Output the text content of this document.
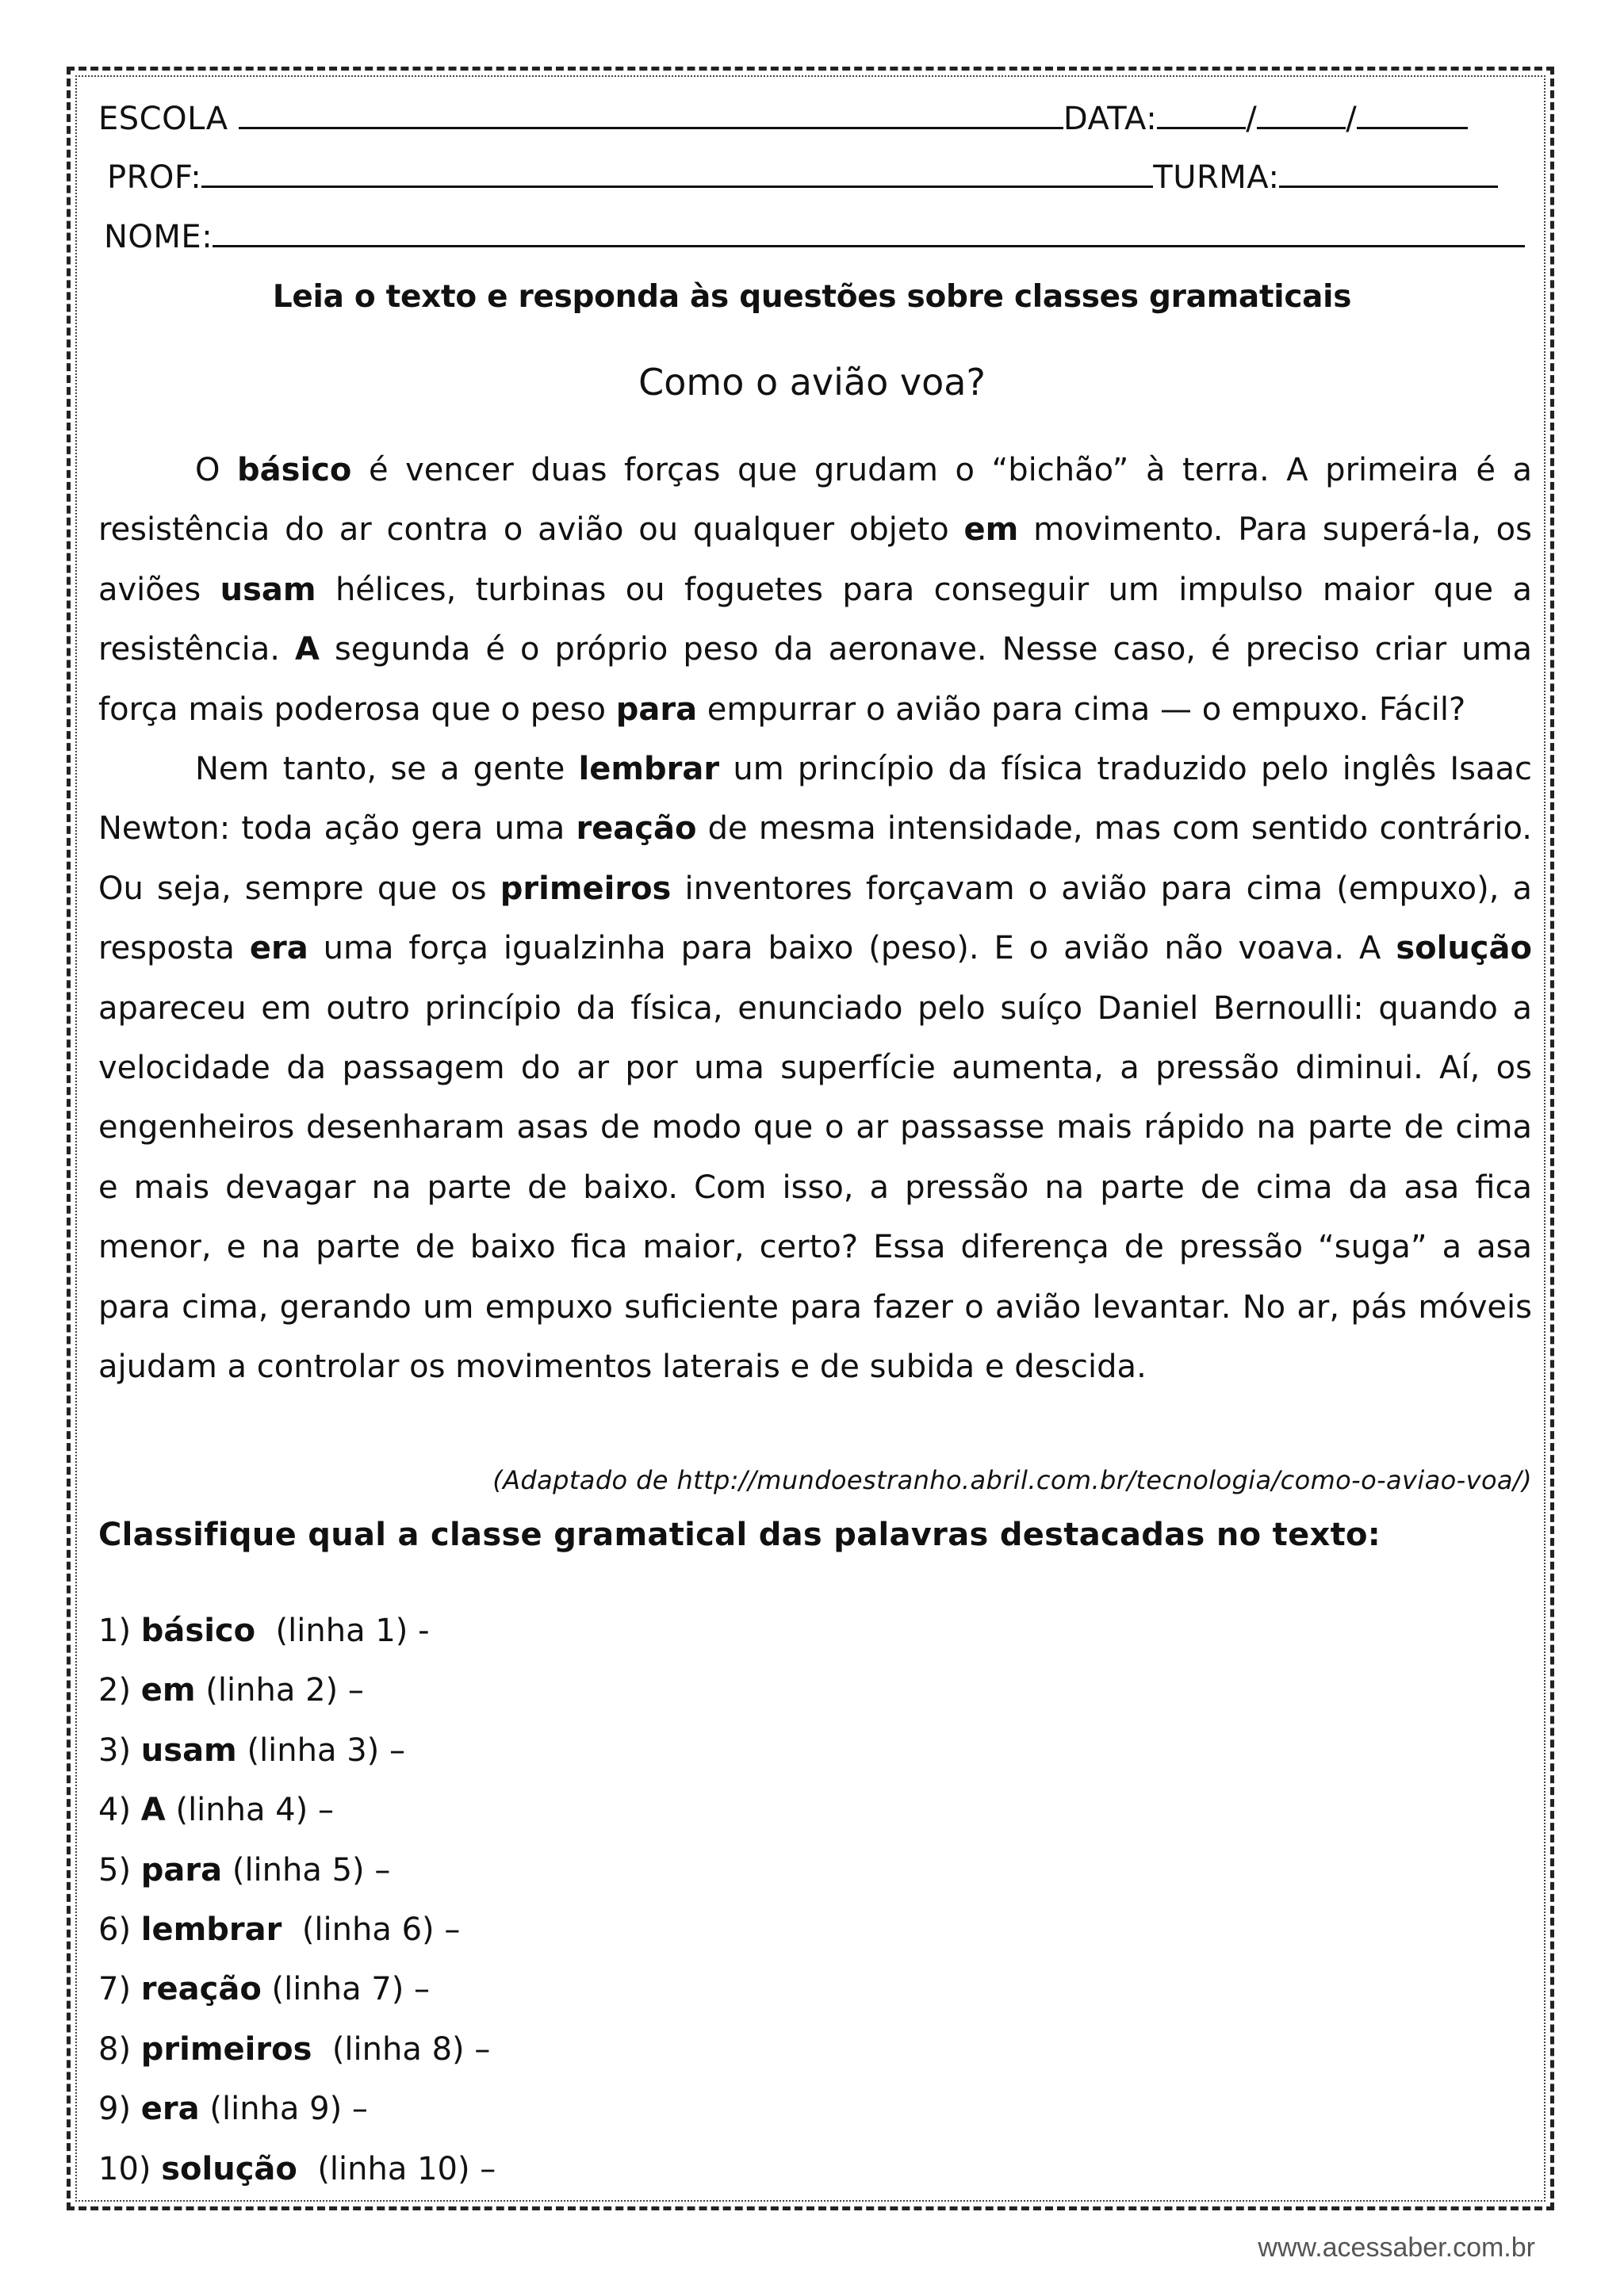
ESCOLA	DATA:	/	/
PROF:	TURMA:
NOME:
Leia o texto e responda às questões sobre classes gramaticais
Como o avião voa?

O básico é vencer duas forças que grudam o “bichão” à terra. A primeira é a resistência do ar contra o avião ou qualquer objeto em movimento. Para superá-la, os aviões usam hélices, turbinas ou foguetes para conseguir um impulso maior que a resistência. A segunda é o próprio peso da aeronave. Nesse caso, é preciso criar uma força mais poderosa que o peso para empurrar o avião para cima — o empuxo. Fácil?

Nem tanto, se a gente lembrar um princípio da física traduzido pelo inglês Isaac Newton: toda ação gera uma reação de mesma intensidade, mas com sentido contrário. Ou seja, sempre que os primeiros inventores forçavam o avião para cima (empuxo), a resposta era uma força igualzinha para baixo (peso). E o avião não voava. A solução apareceu em outro princípio da física, enunciado pelo suíço Daniel Bernoulli: quando a velocidade da passagem do ar por uma superfície aumenta, a pressão diminui. Aí, os engenheiros desenharam asas de modo que o ar passasse mais rápido na parte de cima e mais devagar na parte de baixo. Com isso, a pressão na parte de cima da asa fica menor, e na parte de baixo fica maior, certo? Essa diferença de pressão “suga” a asa para cima, gerando um empuxo suficiente para fazer o avião levantar. No ar, pás móveis ajudam a controlar os movimentos laterais e de subida e descida.

(Adaptado de http://mundoestranho.abril.com.br/tecnologia/como-o-aviao-voa/)
Classifique qual a classe gramatical das palavras destacadas no texto:
1) básico  (linha 1) -
2) em (linha 2) –
3) usam (linha 3) –
4) A (linha 4) –
5) para (linha 5) –
6) lembrar  (linha 6) –
7) reação (linha 7) –
8) primeiros  (linha 8) –
9) era (linha 9) –
10) solução  (linha 10) –
www.acessaber.com.br
